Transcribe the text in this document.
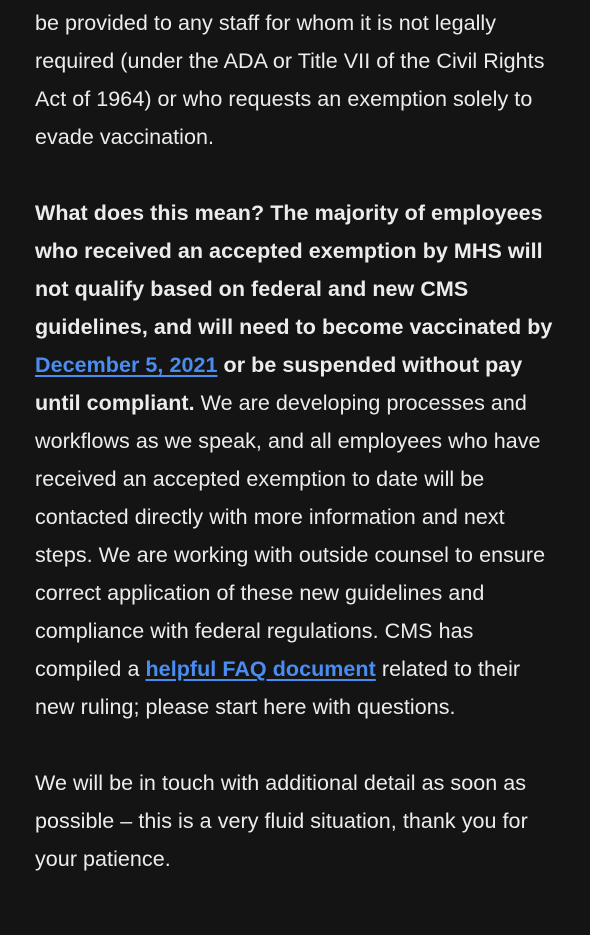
be provided to any staff for whom it is not legally required (under the ADA or Title VII of the Civil Rights Act of 1964) or who requests an exemption solely to evade vaccination.

What does this mean? The majority of employees who received an accepted exemption by MHS will not qualify based on federal and new CMS guidelines, and will need to become vaccinated by December 5, 2021 or be suspended without pay until compliant. We are developing processes and workflows as we speak, and all employees who have received an accepted exemption to date will be contacted directly with more information and next steps. We are working with outside counsel to ensure correct application of these new guidelines and compliance with federal regulations. CMS has compiled a helpful FAQ document related to their new ruling; please start here with questions.

We will be in touch with additional detail as soon as possible – this is a very fluid situation, thank you for your patience.
